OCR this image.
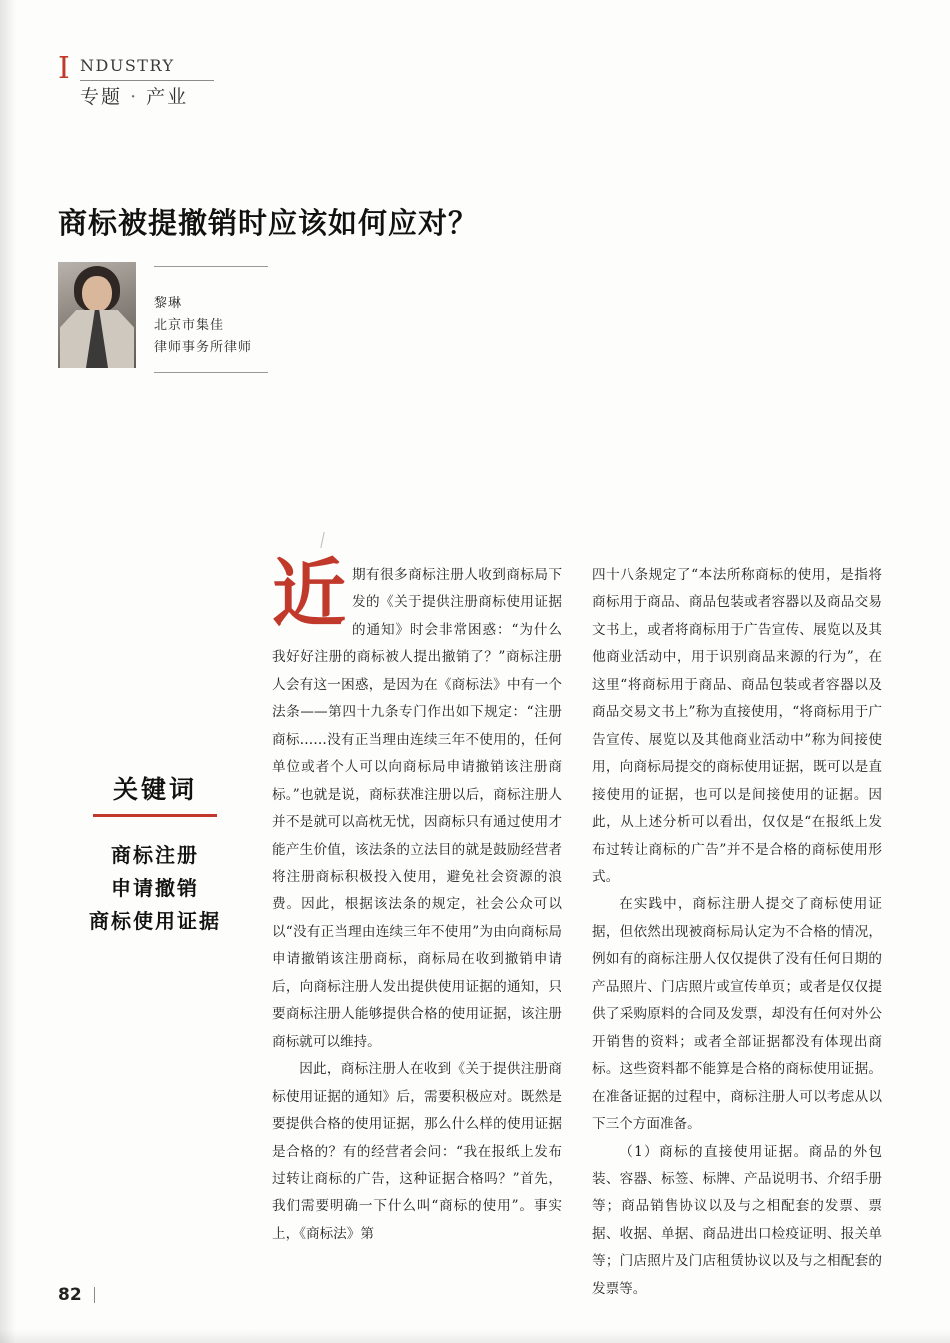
I NDUSTRY
专题 · 产业
商标被提撤销时应该如何应对？
黎琳
北京市集佳
律师事务所律师
关键词
商标注册
申请撤销
商标使用证据

近 期有很多商标注册人收到商标局下发的《关于提供注册商标使用证据的通知》时会非常困惑：“为什么我好好注册的商标被人提出撤销了？”商标注册人会有这一困惑，是因为在《商标法》中有一个法条——第四十九条专门作出如下规定：“注册商标……没有正当理由连续三年不使用的，任何单位或者个人可以向商标局申请撤销该注册商标。”也就是说，商标获准注册以后，商标注册人并不是就可以高枕无忧，因商标只有通过使用才能产生价值，该法条的立法目的就是鼓励经营者将注册商标积极投入使用，避免社会资源的浪费。因此，根据该法条的规定，社会公众可以以“没有正当理由连续三年不使用”为由向商标局申请撤销该注册商标，商标局在收到撤销申请后，向商标注册人发出提供使用证据的通知，只要商标注册人能够提供合格的使用证据，该注册商标就可以维持。

因此，商标注册人在收到《关于提供注册商标使用证据的通知》后，需要积极应对。既然是要提供合格的使用证据，那么什么样的使用证据是合格的？有的经营者会问：“我在报纸上发布过转让商标的广告，这种证据合格吗？”首先，我们需要明确一下什么叫“商标的使用”。事实上，《商标法》第

四十八条规定了“本法所称商标的使用，是指将商标用于商品、商品包装或者容器以及商品交易文书上，或者将商标用于广告宣传、展览以及其他商业活动中，用于识别商品来源的行为”，在这里“将商标用于商品、商品包装或者容器以及商品交易文书上”称为直接使用，“将商标用于广告宣传、展览以及其他商业活动中”称为间接使用，向商标局提交的商标使用证据，既可以是直接使用的证据，也可以是间接使用的证据。因此，从上述分析可以看出，仅仅是“在报纸上发布过转让商标的广告”并不是合格的商标使用形式。

在实践中，商标注册人提交了商标使用证据，但依然出现被商标局认定为不合格的情况，例如有的商标注册人仅仅提供了没有任何日期的产品照片、门店照片或宣传单页；或者是仅仅提供了采购原料的合同及发票，却没有任何对外公开销售的资料；或者全部证据都没有体现出商标。这些资料都不能算是合格的商标使用证据。在准备证据的过程中，商标注册人可以考虑从以下三个方面准备。

（1）商标的直接使用证据。商品的外包装、容器、标签、标牌、产品说明书、介绍手册等；商品销售协议以及与之相配套的发票、票据、收据、单据、商品进出口检疫证明、报关单等；门店照片及门店租赁协议以及与之相配套的发票等。

82
